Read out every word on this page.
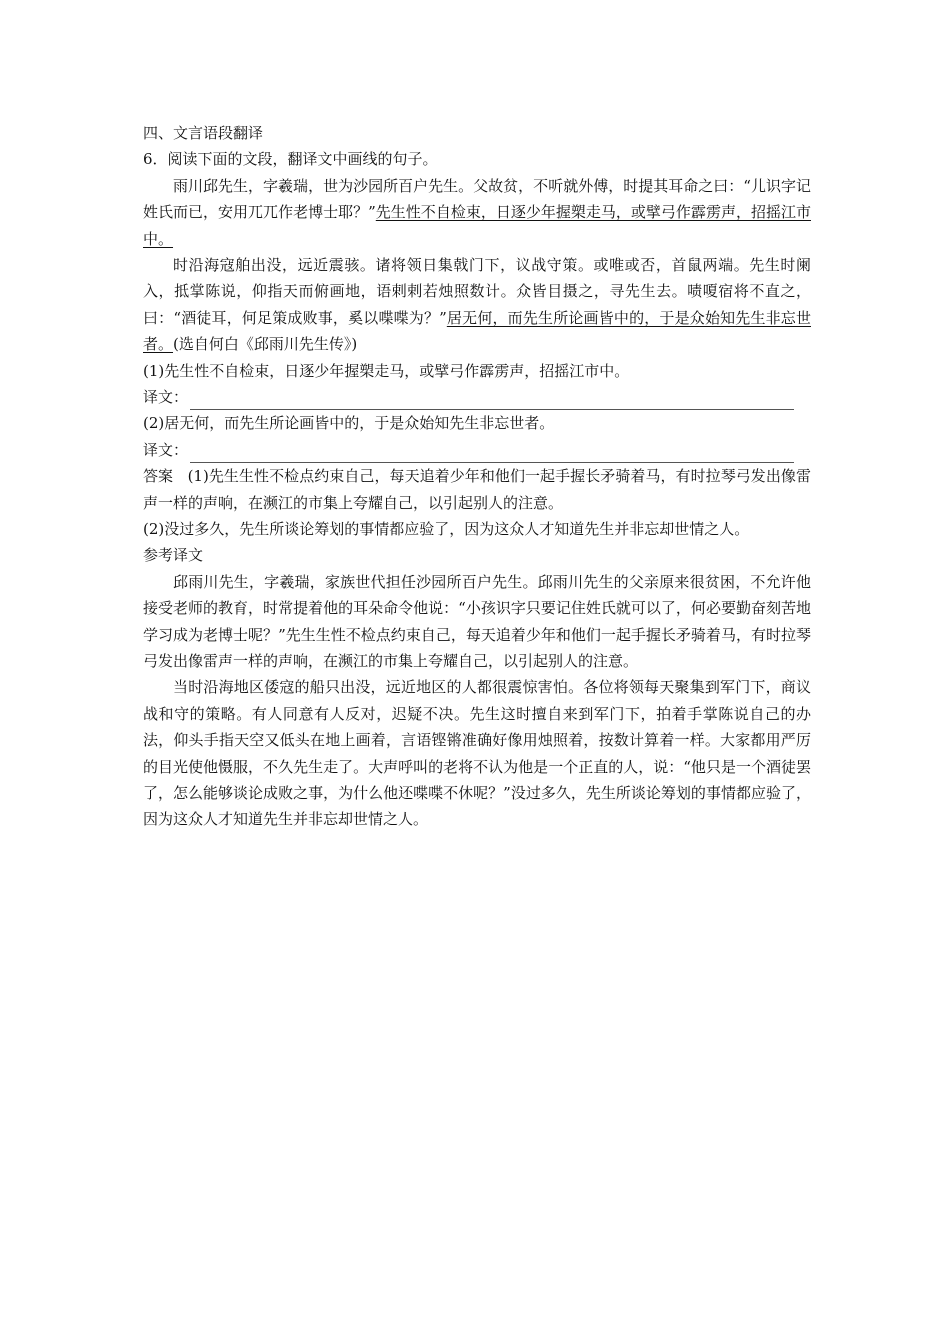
四、文言语段翻译
6．阅读下面的文段，翻译文中画线的句子。
雨川邱先生，字羲瑞，世为沙园所百户先生。父故贫，不听就外傅，时提其耳命之曰：“儿识字记姓氏而已，安用兀兀作老博士耶？”先生性不自检束，日逐少年握槊走马，或擘弓作霹雳声，招摇江市中。
时沿海寇舶出没，远近震骇。诸将领日集戟门下，议战守策。或唯或否，首鼠两端。先生时阑入，抵掌陈说，仰指天而俯画地，语剌剌若烛照数计。众皆目摄之，寻先生去。啧嗄宿将不直之，曰：“酒徒耳，何足策成败事，奚以喋喋为？”居无何，而先生所论画皆中的，于是众始知先生非忘世者。(选自何白《邱雨川先生传》)
(1)先生性不自检束，日逐少年握槊走马，或擘弓作霹雳声，招摇江市中。
译文：
(2)居无何，而先生所论画皆中的，于是众始知先生非忘世者。
译文：
答案 (1)先生生性不检点约束自己，每天追着少年和他们一起手握长矛骑着马，有时拉琴弓发出像雷声一样的声响，在濒江的市集上夸耀自己，以引起别人的注意。
(2)没过多久，先生所谈论筹划的事情都应验了，因为这众人才知道先生并非忘却世情之人。
参考译文
邱雨川先生，字羲瑞，家族世代担任沙园所百户先生。邱雨川先生的父亲原来很贫困，不允许他接受老师的教育，时常提着他的耳朵命令他说：“小孩识字只要记住姓氏就可以了，何必要勤奋刻苦地学习成为老博士呢？”先生生性不检点约束自己，每天追着少年和他们一起手握长矛骑着马，有时拉琴弓发出像雷声一样的声响，在濒江的市集上夸耀自己，以引起别人的注意。
当时沿海地区倭寇的船只出没，远近地区的人都很震惊害怕。各位将领每天聚集到军门下，商议战和守的策略。有人同意有人反对，迟疑不决。先生这时擅自来到军门下，拍着手掌陈说自己的办法，仰头手指天空又低头在地上画着，言语铿锵准确好像用烛照着，按数计算着一样。大家都用严厉的目光使他慑服，不久先生走了。大声呼叫的老将不认为他是一个正直的人，说：“他只是一个酒徒罢了，怎么能够谈论成败之事，为什么他还喋喋不休呢？”没过多久，先生所谈论筹划的事情都应验了，因为这众人才知道先生并非忘却世情之人。
